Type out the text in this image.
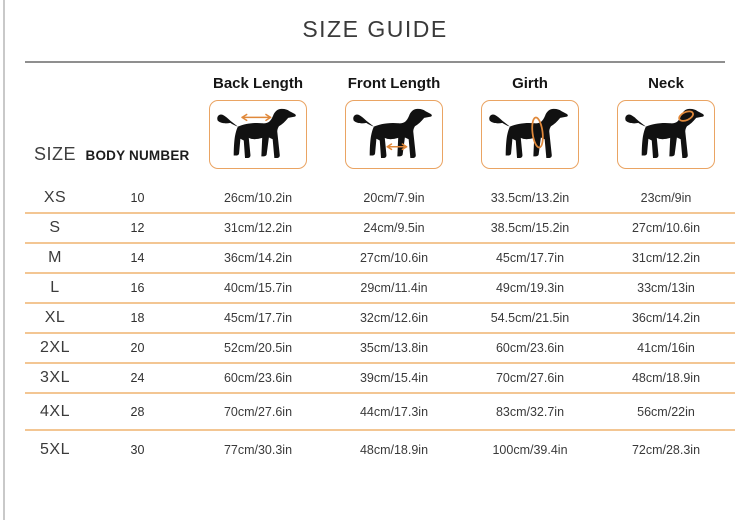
SIZE GUIDE
Back Length	Front Length	Girth	Neck
SIZE BODY NUMBER
XS	10	26cm/10.2in	20cm/7.9in	33.5cm/13.2in	23cm/9in
S	12	31cm/12.2in	24cm/9.5in	38.5cm/15.2in	27cm/10.6in
M	14	36cm/14.2in	27cm/10.6in	45cm/17.7in	31cm/12.2in
L	16	40cm/15.7in	29cm/11.4in	49cm/19.3in	33cm/13in
XL	18	45cm/17.7in	32cm/12.6in	54.5cm/21.5in	36cm/14.2in
2XL	20	52cm/20.5in	35cm/13.8in	60cm/23.6in	41cm/16in
3XL	24	60cm/23.6in	39cm/15.4in	70cm/27.6in	48cm/18.9in
4XL	28	70cm/27.6in	44cm/17.3in	83cm/32.7in	56cm/22in
5XL	30	77cm/30.3in	48cm/18.9in	100cm/39.4in	72cm/28.3in
